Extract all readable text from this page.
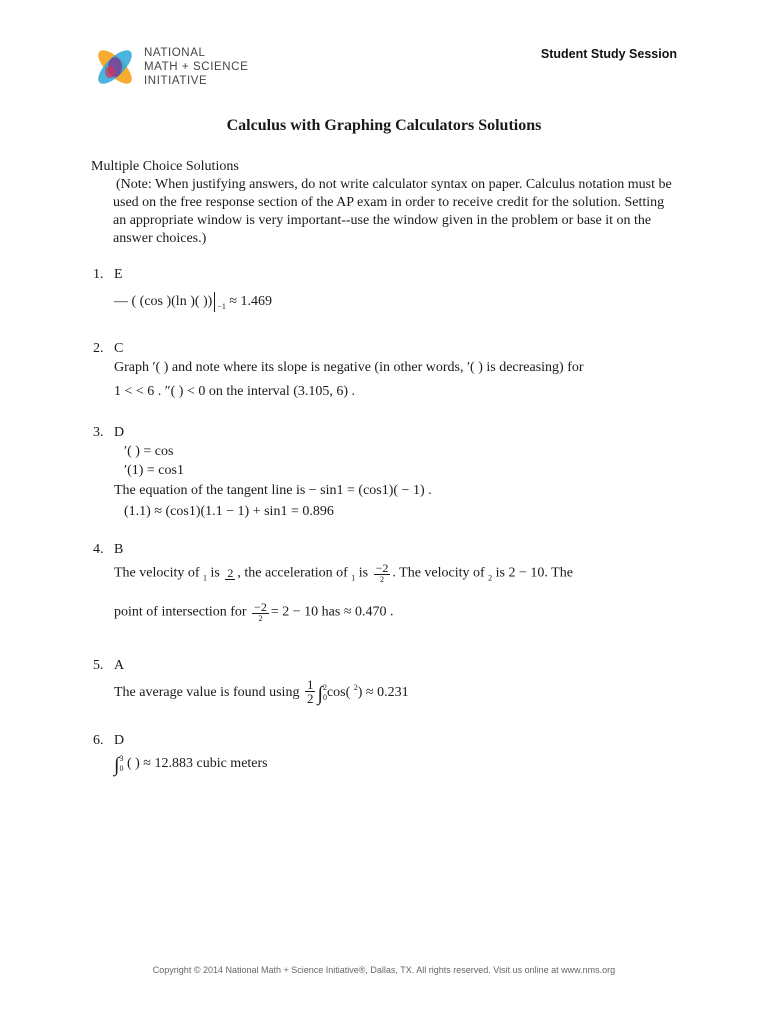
NATIONAL
MATH + SCIENCE
INITIATIVE
Student Study Session
Calculus with Graphing Calculators Solutions
Multiple Choice Solutions
(Note: When justifying answers, do not write calculator syntax on paper. Calculus notation must be used on the free response section of the AP exam in order to receive credit for the solution. Setting an appropriate window is very important--use the window given in the problem or base it on the answer choices.)
1. E
— ( (cos )(ln )( )) $_{-1}$ ≈ 1.469
2. C
Graph ′( ) and note where its slope is negative (in other words, ′( ) is decreasing) for
1 < < 6 . ″( ) < 0 on the interval (3.105, 6) .
3. D
′( ) = cos
′(1) = cos1
The equation of the tangent line is − sin1 = (cos1)( − 1) .
(1.1) ≈ (cos1)(1.1 − 1) + sin1 = 0.896
4. B
The velocity of $_1$ is 2 , the acceleration of $_1$ is $\frac{-2}{2}$ . The velocity of $_2$ is 2 − 10. The
point of intersection for $\frac{-2}{2} = 2 - 10$ has ≈ 0.470 .
5. A
The average value is found using $\frac{1}{2} \int 2$
0cos( $^2$) ≈ 0.231
6. D
∫3
0 ( ) ≈ 12.883 cubic meters
Copyright © 2014 National Math + Science Initiative®, Dallas, TX. All rights reserved. Visit us online at www.nms.org
